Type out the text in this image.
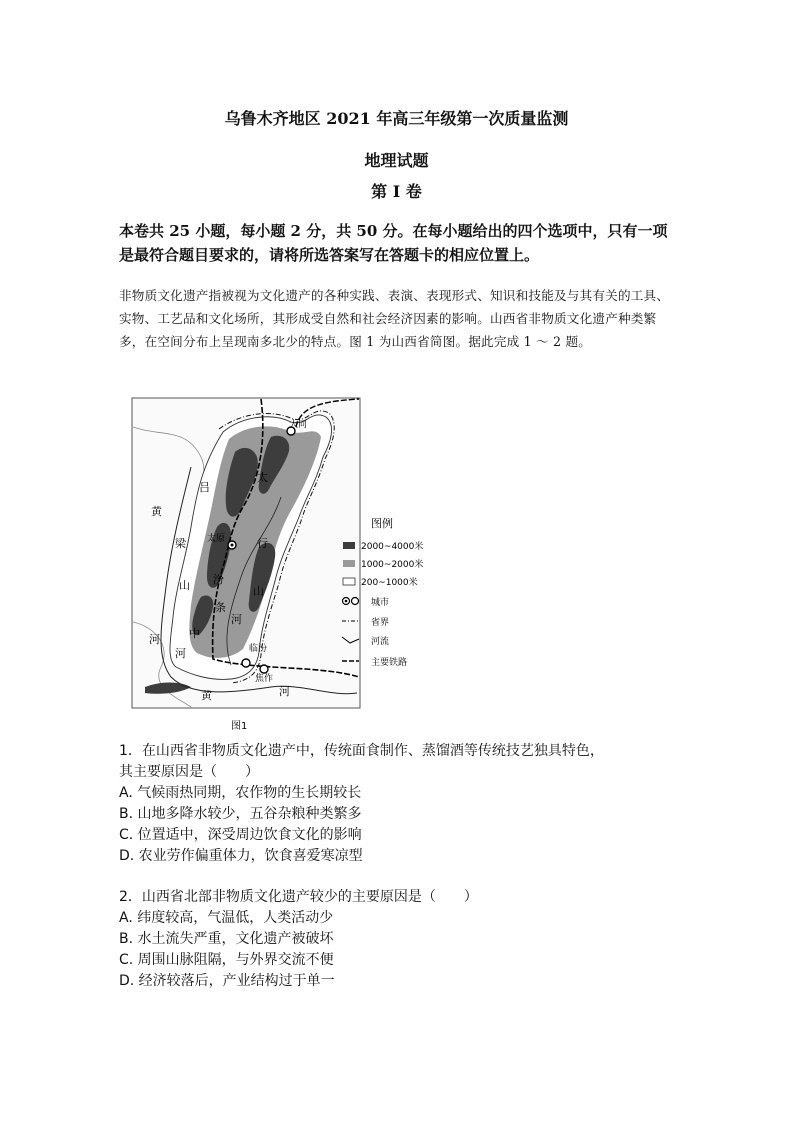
乌鲁木齐地区 2021 年高三年级第一次质量监测
地理试题
第 I 卷
本卷共 25 小题，每小题 2 分，共 50 分。在每小题给出的四个选项中，只有一项是最符合题目要求的，请将所选答案写在答题卡的相应位置上。
非物质文化遗产指被视为文化遗产的各种实践、表演、表现形式、知识和技能及与其有关的工具、实物、工艺品和文化场所，其形成受自然和社会经济因素的影响。山西省非物质文化遗产种类繁多，在空间分布上呈现南多北少的特点。图 1 为山西省简图。据此完成 1 ～ 2 题。
大同
太原
临汾
焦作
吕
梁
山
太
行
山
黄
河
河
黄	河
中
条
汾
河
图例
2000~4000米
1000~2000米
200~1000米
城市
省界
河流
主要铁路
图1

1．在山西省非物质文化遗产中，传统面食制作、蒸馏酒等传统技艺独具特色，

其主要原因是（　　）

A. 气候雨热同期，农作物的生长期较长

B. 山地多降水较少，五谷杂粮种类繁多

C. 位置适中，深受周边饮食文化的影响

D. 农业劳作偏重体力，饮食喜爱寒凉型

2．山西省北部非物质文化遗产较少的主要原因是（　　）

A. 纬度较高，气温低，人类活动少

B. 水土流失严重，文化遗产被破坏

C. 周围山脉阻隔，与外界交流不便

D. 经济较落后，产业结构过于单一
